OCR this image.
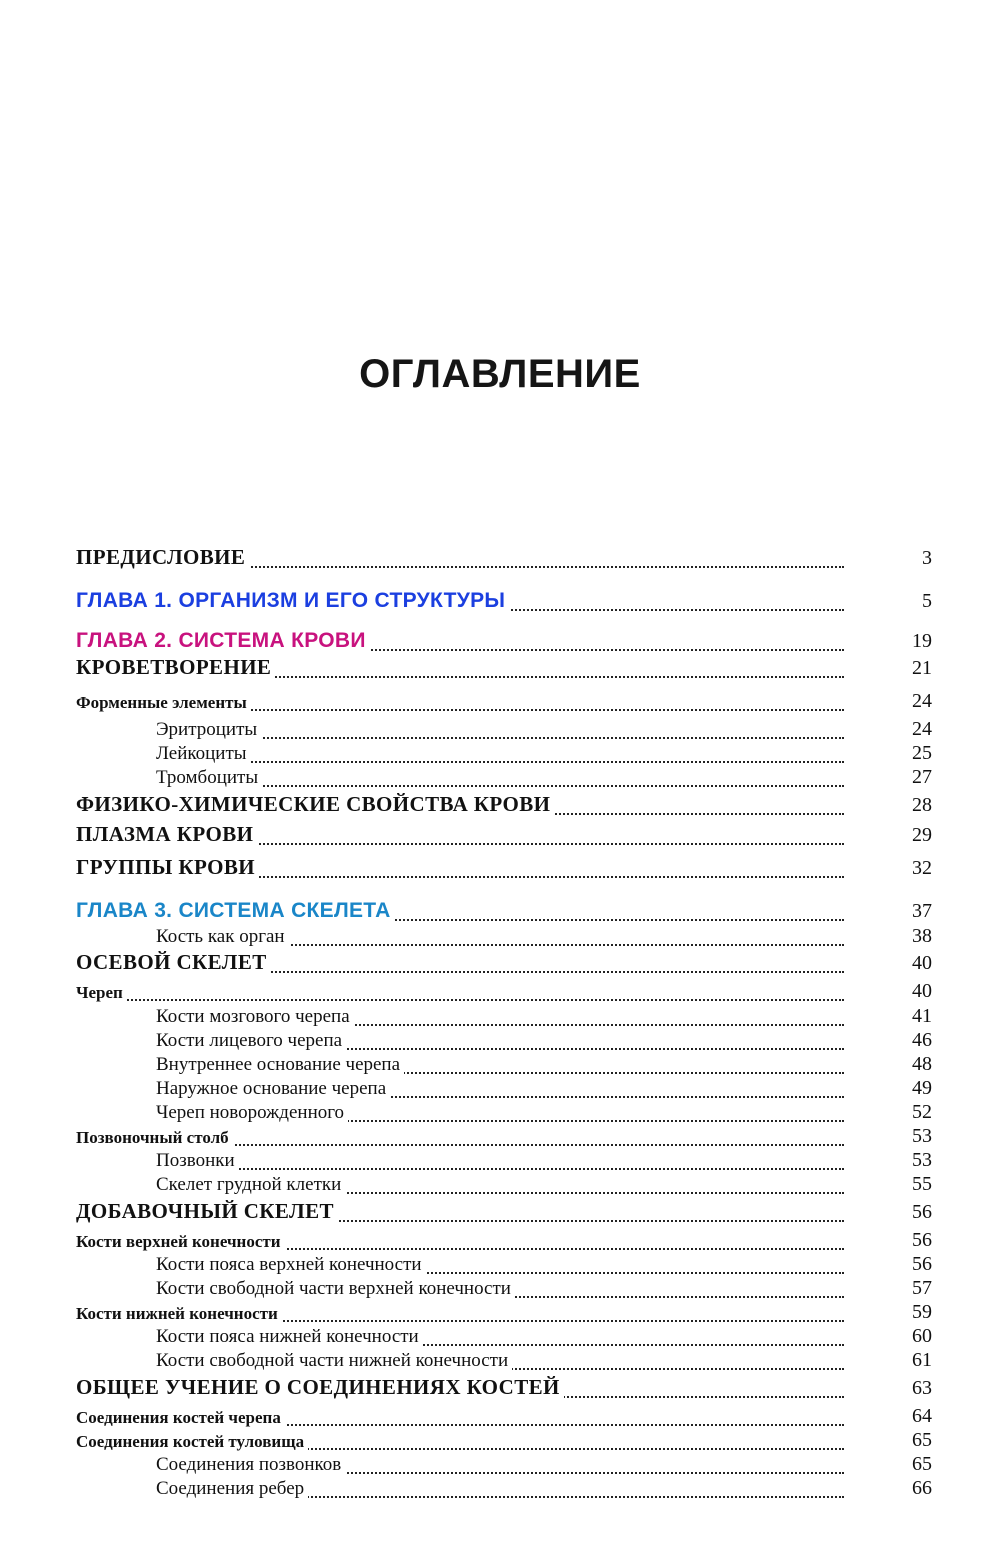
ОГЛАВЛЕНИЕ
ПРЕДИСЛОВИЕ	3
ГЛАВА 1. ОРГАНИЗМ И ЕГО СТРУКТУРЫ	5
ГЛАВА 2. СИСТЕМА КРОВИ	19
КРОВЕТВОРЕНИЕ	21
Форменные элементы	24
Эритроциты	24
Лейкоциты	25
Тромбоциты	27
ФИЗИКО-ХИМИЧЕСКИЕ СВОЙСТВА КРОВИ	28
ПЛАЗМА КРОВИ	29
ГРУППЫ КРОВИ	32
ГЛАВА 3. СИСТЕМА СКЕЛЕТА	37
Кость как орган	38
ОСЕВОЙ СКЕЛЕТ	40
Череп	40
Кости мозгового черепа	41
Кости лицевого черепа	46
Внутреннее основание черепа	48
Наружное основание черепа	49
Череп новорожденного	52
Позвоночный столб	53
Позвонки	53
Скелет грудной клетки	55
ДОБАВОЧНЫЙ СКЕЛЕТ	56
Кости верхней конечности	56
Кости пояса верхней конечности	56
Кости свободной части верхней конечности	57
Кости нижней конечности	59
Кости пояса нижней конечности	60
Кости свободной части нижней конечности	61
ОБЩЕЕ УЧЕНИЕ О СОЕДИНЕНИЯХ КОСТЕЙ	63
Соединения костей черепа	64
Соединения костей туловища	65
Соединения позвонков	65
Соединения ребер	66
